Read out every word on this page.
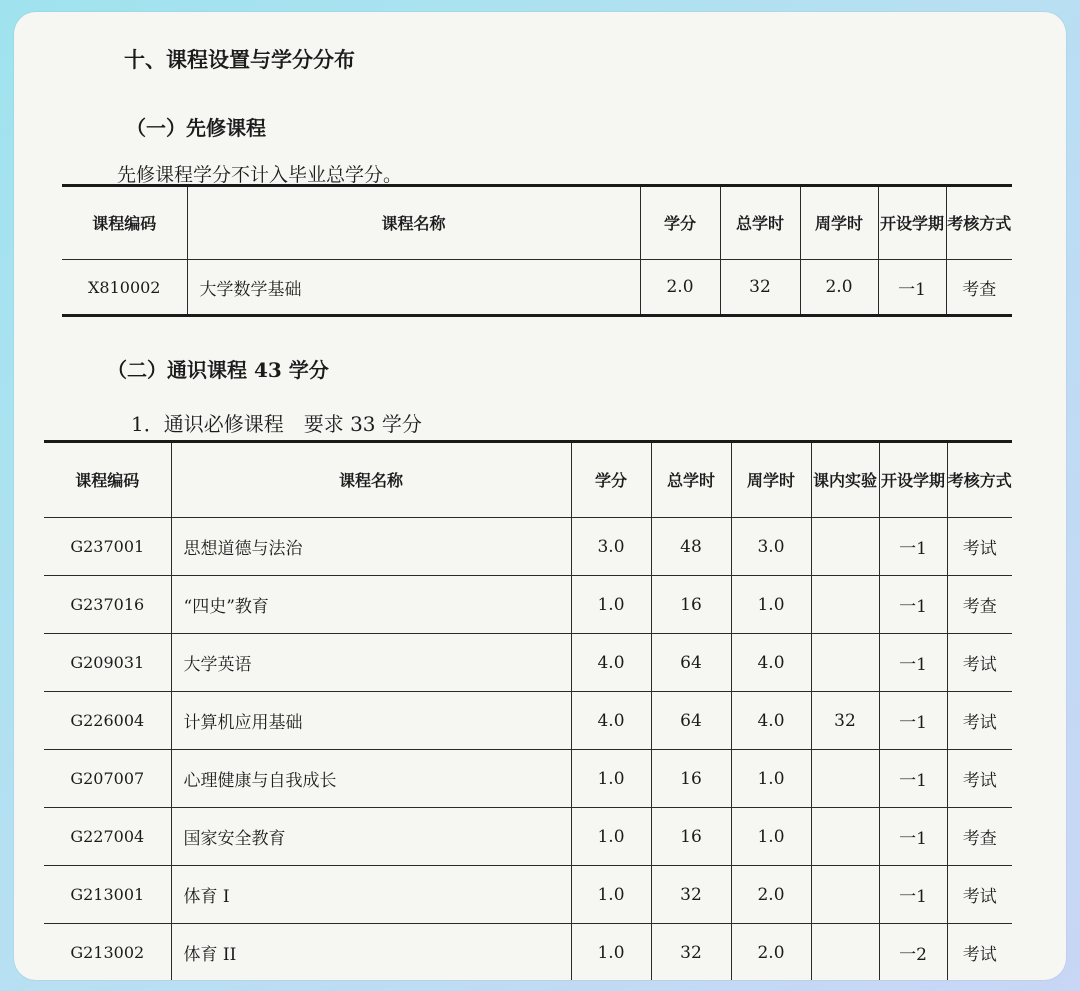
十、课程设置与学分分布
（一）先修课程
先修课程学分不计入毕业总学分。
课程编码	课程名称	学分	总学时	周学时	开设学期	考核方式
X810002	大学数学基础	2.0	32	2.0	一1	考查
（二）通识课程 43 学分
1．通识必修课程　要求 33 学分
课程编码	课程名称	学分	总学时	周学时	课内实验	开设学期	考核方式
G237001	思想道德与法治	3.0	48	3.0		一1	考试
G237016	“四史”教育	1.0	16	1.0		一1	考查
G209031	大学英语	4.0	64	4.0		一1	考试
G226004	计算机应用基础	4.0	64	4.0	32	一1	考试
G207007	心理健康与自我成长	1.0	16	1.0		一1	考试
G227004	国家安全教育	1.0	16	1.0		一1	考查
G213001	体育 I	1.0	32	2.0		一1	考试
G213002	体育 II	1.0	32	2.0		一2	考试
